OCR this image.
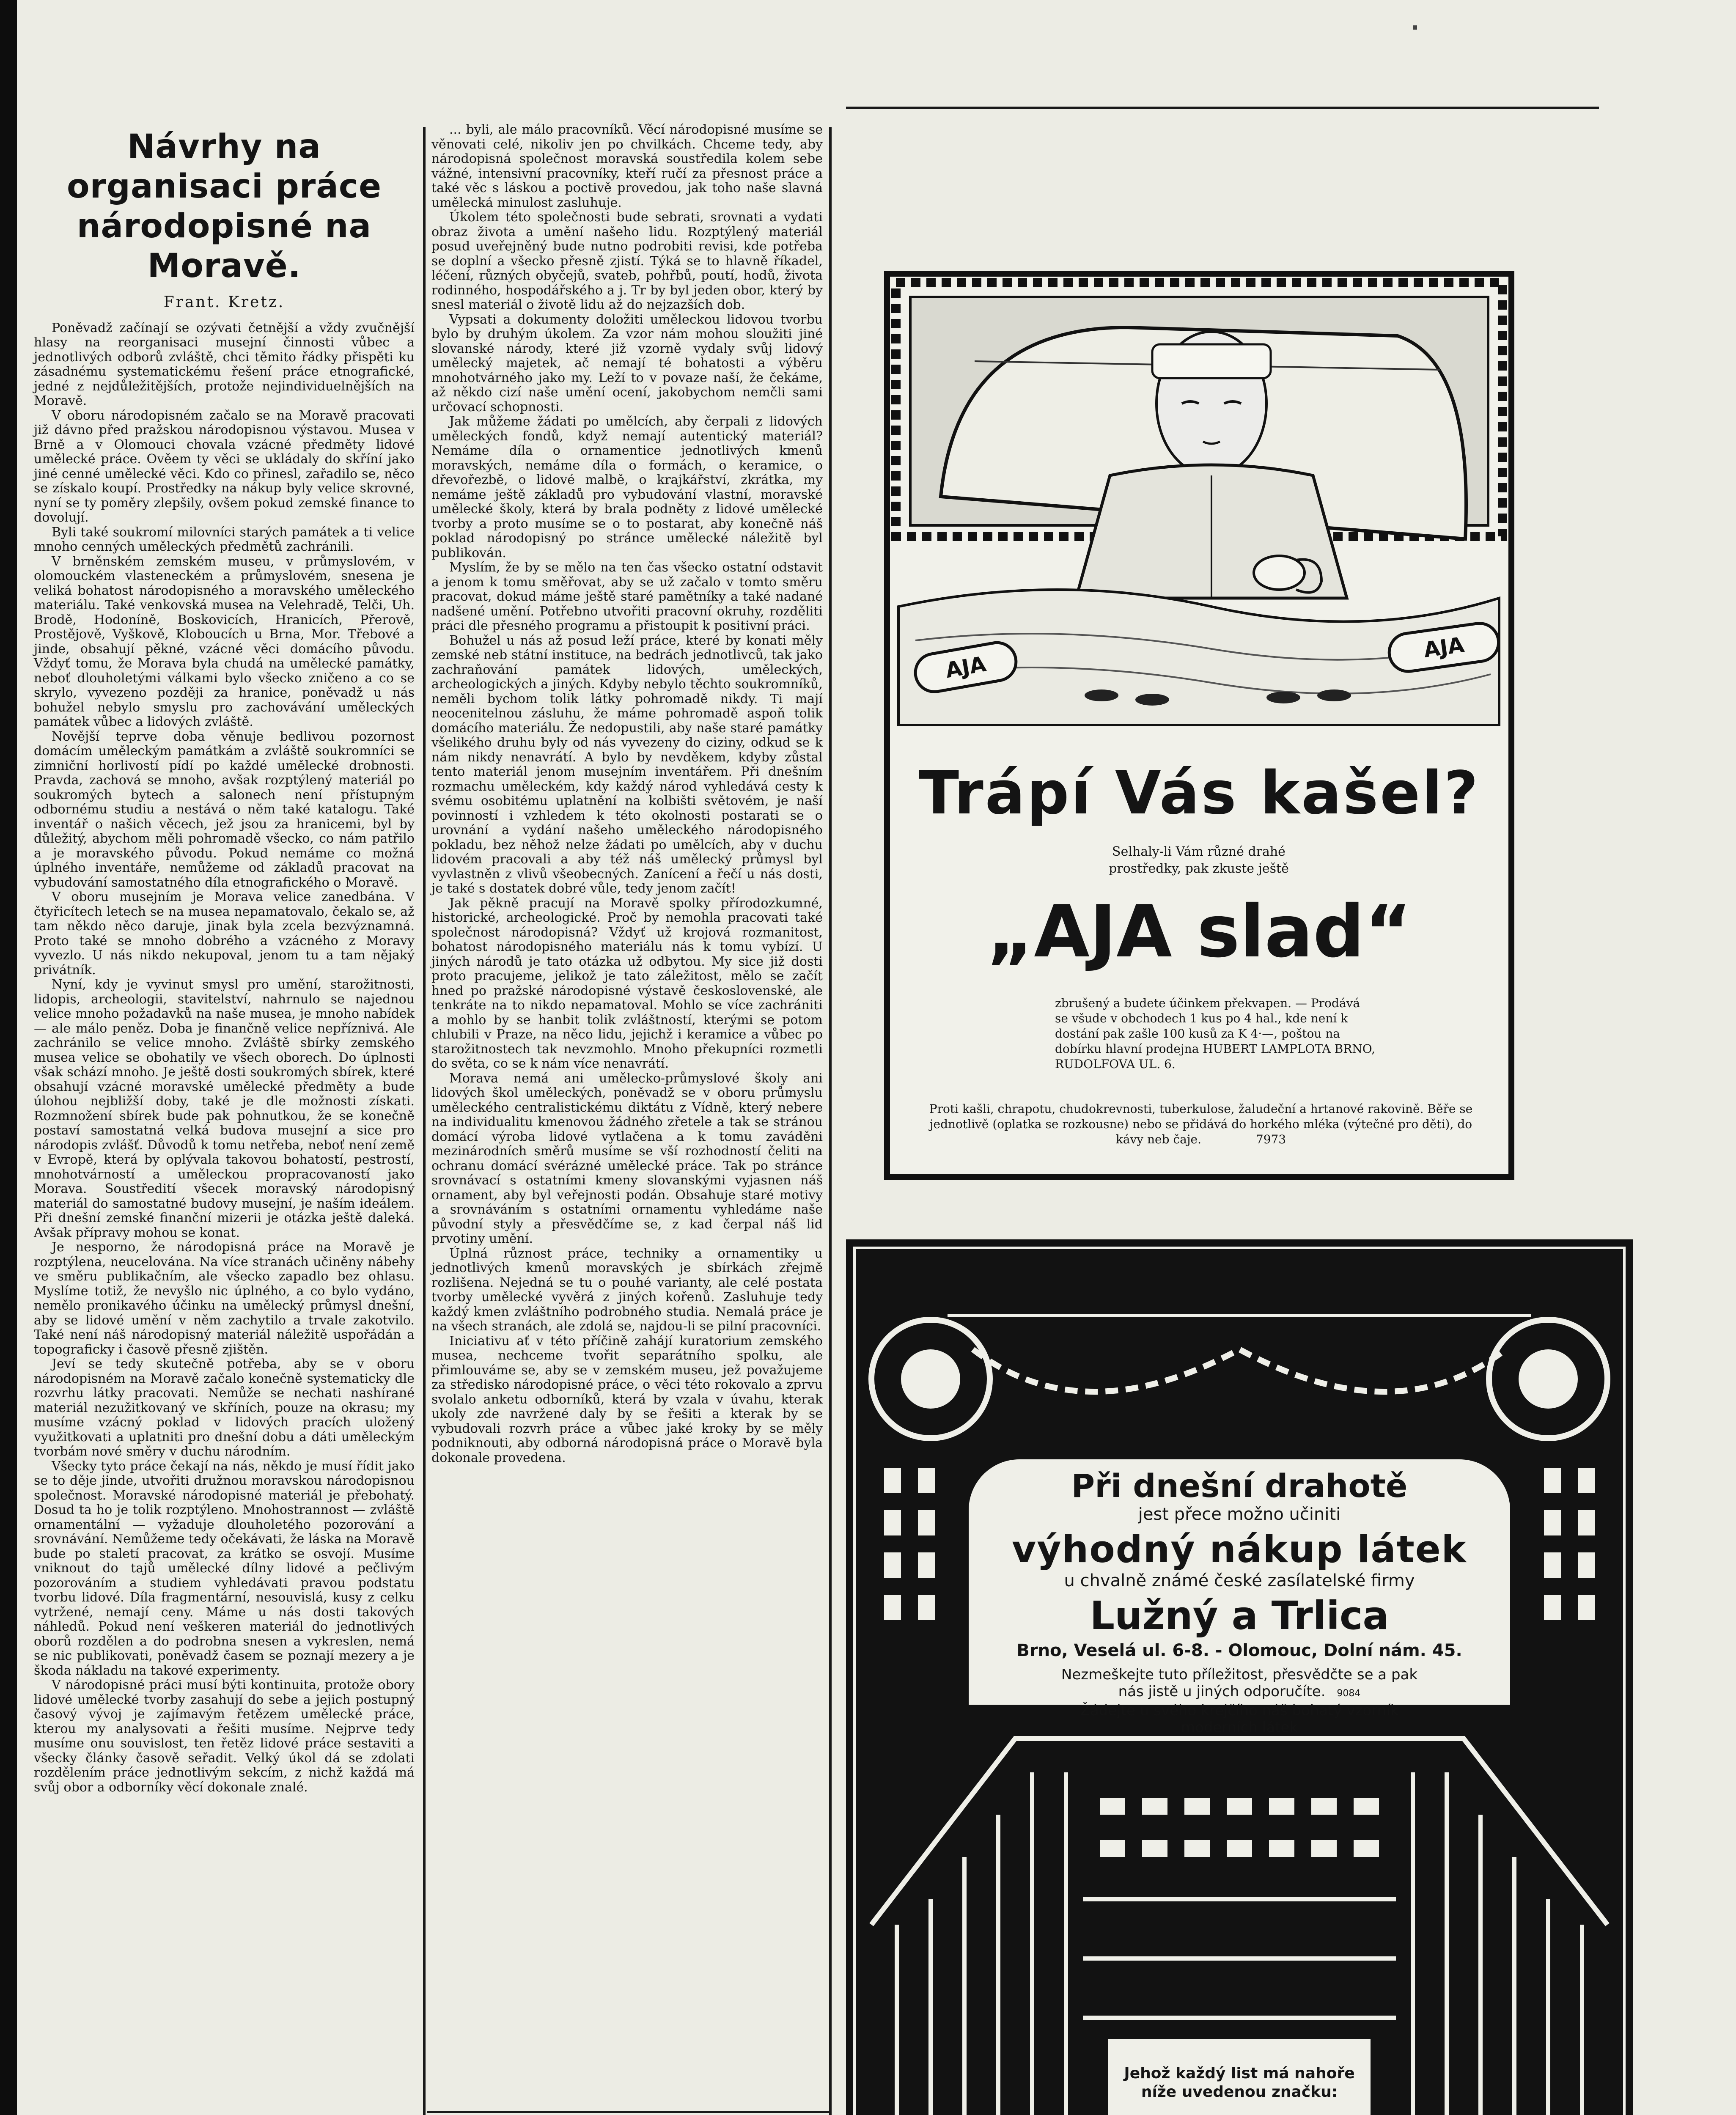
Návrhy na organisaci práce
národopisné na Moravě.
Frant. Kretz.

Poněvadž začínají se ozývati četnější a vždy zvučnější hlasy na reorganisaci musejní činnosti vůbec a jednotlivých odborů zvláště, chci těmito řádky přispěti ku zásadnému systematickému řešení práce etnografické, jedné z nejdůležitějších, protože nejindividuelnějších na Moravě.

V oboru národopisném začalo se na Moravě pracovati již dávno před pražskou národopisnou výstavou. Musea v Brně a v Olomouci chovala vzácné předměty lidové umělecké práce. Ověem ty věci se ukládaly do skříní jako jiné cenné umělecké věci. Kdo co přinesl, zařadilo se, něco se získalo koupí. Prostředky na nákup byly velice skrovné, nyní se ty poměry zlepšily, ovšem pokud zemské finance to dovolují.

Byli také soukromí milovníci starých památek a ti velice mnoho cenných uměleckých předmětů zachránili.

V brněnském zemském museu, v průmyslovém, v olomouckém vlasteneckém a průmyslovém, snesena je veliká bohatost národopisného a moravského uměleckého materiálu. Také venkovská musea na Velehradě, Telči, Uh. Brodě, Hodoníně, Boskovicích, Hranicích, Přerově, Prostějově, Vyškově, Kloboucích u Brna, Mor. Třebové a jinde, obsahují pěkné, vzácné věci domácího původu. Vždyť tomu, že Morava byla chudá na umělecké památky, neboť dlouholetými válkami bylo všecko zničeno a co se skrylo, vyvezeno později za hranice, poněvadž u nás bohužel nebylo smyslu pro zachovávání uměleckých památek vůbec a lidových zvláště.

Novější teprve doba věnuje bedlivou pozornost domácím uměleckým památkám a zvláště soukromníci se zimniční horlivostí pídí po každé umělecké drobnosti. Pravda, zachová se mnoho, avšak rozptýlený materiál po soukromých bytech a salonech není přístupným odbornému studiu a nestává o něm také katalogu. Také inventář o našich věcech, jež jsou za hranicemi, byl by důležitý, abychom měli pohromadě všecko, co nám patřilo a je moravského původu. Pokud nemáme co možná úplného inventáře, nemůžeme od základů pracovat na vybudování samostatného díla etnografického o Moravě.

V oboru musejním je Morava velice zanedbána. V čtyřicítech letech se na musea nepamatovalo, čekalo se, až tam někdo něco daruje, jinak byla zcela bezvýznamná. Proto také se mnoho dobrého a vzácného z Moravy vyvezlo. U nás nikdo nekupoval, jenom tu a tam nějaký privátník.

Nyní, kdy je vyvinut smysl pro umění, starožitnosti, lidopis, archeologii, stavitelství, nahrnulo se najednou velice mnoho požadavků na naše musea, je mnoho nabídek — ale málo peněz. Doba je finančně velice nepříznivá. Ale zachránilo se velice mnoho. Zvláště sbírky zemského musea velice se obohatily ve všech oborech. Do úplnosti však schází mnoho. Je ještě dosti soukromých sbírek, které obsahují vzácné moravské umělecké předměty a bude úlohou nejbližší doby, také je dle možnosti získati. Rozmnožení sbírek bude pak pohnutkou, že se konečně postaví samostatná velká budova musejní a sice pro národopis zvlášť. Důvodů k tomu netřeba, neboť není země v Evropě, která by oplývala takovou bohatostí, pestrostí, mnohotvárností a uměleckou propracovaností jako Morava. Soustředití všecek moravský národopisný materiál do samostatné budovy musejní, je naším ideálem. Při dnešní zemské finanční mizerii je otázka ještě daleká. Avšak přípravy mohou se konat.

Je nesporno, že národopisná práce na Moravě je rozptýlena, neucelována. Na více stranách učiněny nábehy ve směru publikačním, ale všecko zapadlo bez ohlasu. Myslíme totiž, že nevyšlo nic úplného, a co bylo vydáno, nemělo pronikavého účinku na umělecký průmysl dnešní, aby se lidové umění v něm zachytilo a trvale zakotvilo. Také není náš národopisný materiál náležitě uspořádán a topograficky i časově přesně zjištěn.

Jeví se tedy skutečně potřeba, aby se v oboru národopisném na Moravě začalo konečně systematicky dle rozvrhu látky pracovati. Nemůže se nechati nashírané materiál nezužitkovaný ve skříních, pouze na okrasu; my musíme vzácný poklad v lidových pracích uložený využitkovati a uplatniti pro dnešní dobu a dáti uměleckým tvorbám nové směry v duchu národním.

Všecky tyto práce čekají na nás, někdo je musí řídit jako se to děje jinde, utvořiti družnou moravskou národopisnou společnost. Moravské národopisné materiál je přebohatý. Dosud ta ho je tolik rozptýleno. Mnohostrannost — zvláště ornamentální — vyžaduje dlouholetého pozorování a srovnávání. Nemůžeme tedy očekávati, že láska na Moravě bude po staletí pracovat, za krátko se osvojí. Musíme vniknout do tajů umělecké dílny lidové a pečlivým pozorováním a studiem vyhledávati pravou podstatu tvorbu lidové. Díla fragmentární, nesouvislá, kusy z celku vytržené, nemají ceny. Máme u nás dosti takových náhledů. Pokud není veškeren materiál do jednotlivých oborů rozdělen a do podrobna snesen a vykreslen, nemá se nic publikovati, poněvadž časem se poznají mezery a je škoda nákladu na takové experimenty.

V národopisné práci musí býti kontinuita, protože obory lidové umělecké tvorby zasahují do sebe a jejich postupný časový vývoj je zajímavým řetězem umělecké práce, kterou my analysovati a řešiti musíme. Nejprve tedy musíme onu souvislost, ten řetěz lidové práce sestaviti a všecky články časově seřadit. Velký úkol dá se zdolati rozdělením práce jednotlivým sekcím, z nichž každá má svůj obor a odborníky věcí dokonale znalé.

... byli, ale málo pracovníků. Věcí národopisné musíme se věnovati celé, nikoliv jen po chvilkách. Chceme tedy, aby národopisná společnost moravská soustředila kolem sebe vážné, intensivní pracovníky, kteří ručí za přesnost práce a také věc s láskou a poctivě provedou, jak toho naše slavná umělecká minulost zasluhuje.

Úkolem této společnosti bude sebrati, srovnati a vydati obraz života a umění našeho lidu. Rozptýlený materiál posud uveřejněný bude nutno podrobiti revisi, kde potřeba se doplní a všecko přesně zjistí. Týká se to hlavně říkadel, léčení, různých obyčejů, svateb, pohřbů, poutí, hodů, života rodinného, hospodářského a j. Tr by byl jeden obor, který by snesl materiál o životě lidu až do nejzazších dob.

Vypsati a dokumenty doložiti uměleckou lidovou tvorbu bylo by druhým úkolem. Za vzor nám mohou sloužiti jiné slovanské národy, které již vzorně vydaly svůj lidový umělecký majetek, ač nemají té bohatosti a výběru mnohotvárného jako my. Leží to v povaze naší, že čekáme, až někdo cizí naše umění ocení, jakobychom nemčli sami určovací schopnosti.

Jak můžeme žádati po umělcích, aby čerpali z lidových uměleckých fondů, když nemají autentický materiál? Nemáme díla o ornamentice jednotlivých kmenů moravských, nemáme díla o formách, o keramice, o dřevořezbě, o lidové malbě, o krajkářství, zkrátka, my nemáme ještě základů pro vybudování vlastní, moravské umělecké školy, která by brala podněty z lidové umělecké tvorby a proto musíme se o to postarat, aby konečně náš poklad národopisný po stránce umělecké náležitě byl publikován.

Myslím, že by se mělo na ten čas všecko ostatní odstavit a jenom k tomu směřovat, aby se už začalo v tomto směru pracovat, dokud máme ještě staré pamětníky a také nadané nadšené umění. Potřebno utvořiti pracovní okruhy, rozděliti práci dle přesného programu a přistoupit k positivní práci.

Bohužel u nás až posud leží práce, které by konati měly zemské neb státní instituce, na bedrách jednotlivců, tak jako zachraňování památek lidových, uměleckých, archeologických a jiných. Kdyby nebylo těchto soukromníků, neměli bychom tolik látky pohromadě nikdy. Ti mají neocenitelnou zásluhu, že máme pohromadě aspoň tolik domácího materiálu. Že nedopustili, aby naše staré památky všelikého druhu byly od nás vyvezeny do ciziny, odkud se k nám nikdy nenavrátí. A bylo by nevděkem, kdyby zůstal tento materiál jenom musejním inventářem. Při dnešním rozmachu uměleckém, kdy každý národ vyhledává cesty k svému osobitému uplatnění na kolbišti světovém, je naší povinností i vzhledem k této okolnosti postarati se o urovnání a vydání našeho uměleckého národopisného pokladu, bez něhož nelze žádati po umělcích, aby v duchu lidovém pracovali a aby též náš umělecký průmysl byl vyvlastněn z vlivů všeobecných. Zanícení a řečí u nás dosti, je také s dostatek dobré vůle, tedy jenom začít!

Jak pěkně pracují na Moravě spolky přírodozkumné, historické, archeologické. Proč by nemohla pracovati také společnost národopisná? Vždyť už krojová rozmanitost, bohatost národopisného materiálu nás k tomu vybízí. U jiných národů je tato otázka už odbytou. My sice již dosti proto pracujeme, jelikož je tato záležitost, mělo se začít hned po pražské národopisné výstavě československé, ale tenkráte na to nikdo nepamatoval. Mohlo se více zachrániti a mohlo by se hanbit tolik zvláštností, kterými se potom chlubili v Praze, na něco lidu, jejichž i keramice a vůbec po starožitnostech tak nevzmohlo. Mnoho překupníci rozmetli do světa, co se k nám více nenavrátí.

Morava nemá ani umělecko-průmyslové školy ani lidových škol uměleckých, poněvadž se v oboru průmyslu uměleckého centralistickému diktátu z Vídně, který nebere na individualitu kmenovou žádného zřetele a tak se stránou domácí výroba lidové vytlačena a k tomu zaváděni mezinárodních směrů musíme se vší rozhodností čeliti na ochranu domácí svérázné umělecké práce. Tak po stránce srovnávací s ostatními kmeny slovanskými vyjasnen náš ornament, aby byl veřejnosti podán. Obsahuje staré motivy a srovnáváním s ostatními ornamentu vyhledáme naše původní styly a přesvědčíme se, z kad čerpal náš lid prvotiny umění.

Úplná různost práce, techniky a ornamentiky u jednotlivých kmenů moravských je sbírkách zřejmě rozlišena. Nejedná se tu o pouhé varianty, ale celé postata tvorby umělecké vyvěrá z jiných kořenů. Zasluhuje tedy každý kmen zvláštního podrobného studia. Nemalá práce je na všech stranách, ale zdolá se, najdou-li se pilní pracovníci.

Iniciativu ať v této příčině zahájí kuratorium zemského musea, nechceme tvořit separátního spolku, ale přimlouváme se, aby se v zemském museu, jež považujeme za středisko národopisné práce, o věci této rokovalo a zprvu svolalo anketu odborníků, která by vzala v úvahu, kterak ukoly zde navržené daly by se řešiti a kterak by se vybudovali rozvrh práce a vůbec jaké kroky by se měly podniknouti, aby odborná národopisná práce o Moravě byla dokonale provedena.

AJA
AJA
Trápí Vás kašel?
Selhaly-li Vám různé drahé
prostředky, pak zkuste ještě
„AJA slad“
zbrušený a budete účinkem překvapen. — Prodává se všude v obchodech 1 kus po 4 hal., kde není k dostání pak zašle 100 kusů za K 4·—, poštou na dobírku hlavní prodejna HUBERT LAMPLOTA BRNO, RUDOLFOVA UL. 6.
Proti kašli, chrapotu, chudokrevnosti, tuberkulose, žaludeční a hrtanové rakovině. Běře se jednotlivě (oplatka se rozkousne) nebo se přidává do horkého mléka (výtečné pro děti), do kávy neb čaje.	7973
Při dnešní drahotě
jest přece možno učiniti
výhodný nákup látek
u chvalně známé české zasílatelské firmy
Lužný a Trlica
Brno, Veselá ul. 6-8. - Olomouc, Dolní nám. 45.
Nezmeškejte tuto příležitost, přesvědčte se a pak
nás jistě u jiných odporučíte. 9084
Žádejte u svého krejčího náš bohatý vzorník
moderních látek
Jehož každý list má nahoře
níže uvedenou značku:
